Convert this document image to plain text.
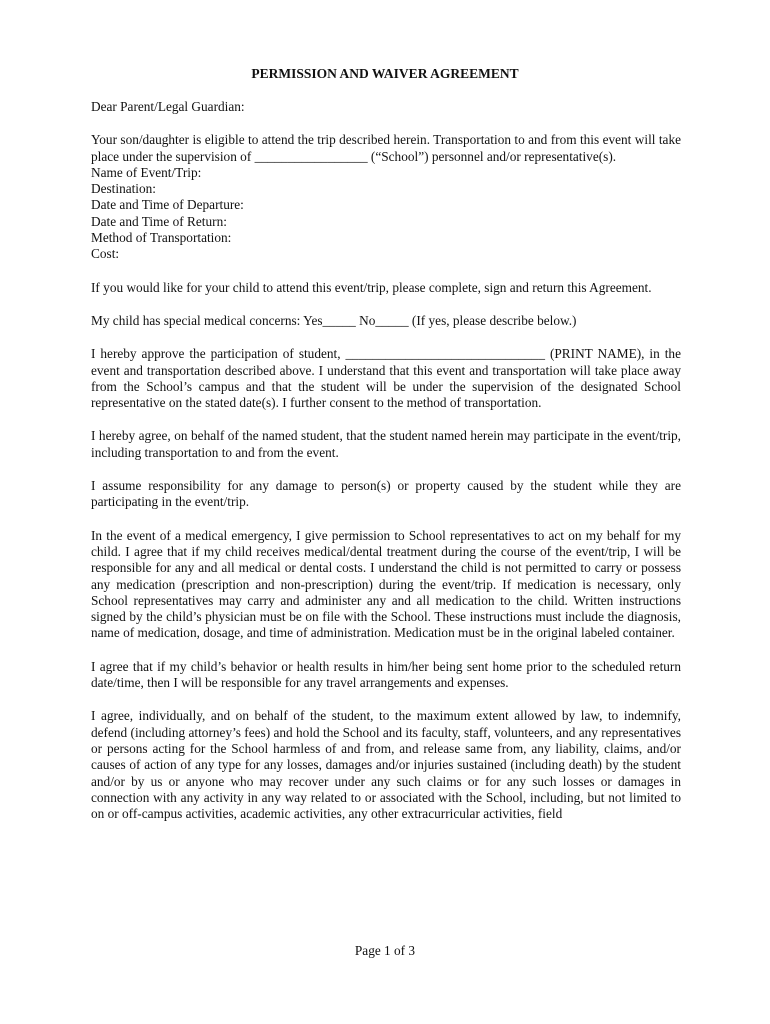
PERMISSION AND WAIVER AGREEMENT

Dear Parent/Legal Guardian:

Your son/daughter is eligible to attend the trip described herein. Transportation to and from this event will take place under the supervision of _________________ (“School”) personnel and/or representative(s).

Name of Event/Trip:

Destination:

Date and Time of Departure:

Date and Time of Return:

Method of Transportation:

Cost:

If you would like for your child to attend this event/trip, please complete, sign and return this Agreement.

My child has special medical concerns: Yes_____ No_____ (If yes, please describe below.)

I hereby approve the participation of student, ______________________________ (PRINT NAME), in the event and transportation described above. I understand that this event and transportation will take place away from the School’s campus and that the student will be under the supervision of the designated School representative on the stated date(s). I further consent to the method of transportation.

I hereby agree, on behalf of the named student, that the student named herein may participate in the event/trip, including transportation to and from the event.

I assume responsibility for any damage to person(s) or property caused by the student while they are participating in the event/trip.

In the event of a medical emergency, I give permission to School representatives to act on my behalf for my child. I agree that if my child receives medical/dental treatment during the course of the event/trip, I will be responsible for any and all medical or dental costs. I understand the child is not permitted to carry or possess any medication (prescription and non-prescription) during the event/trip. If medication is necessary, only School representatives may carry and administer any and all medication to the child. Written instructions signed by the child’s physician must be on file with the School. These instructions must include the diagnosis, name of medication, dosage, and time of administration. Medication must be in the original labeled container.

I agree that if my child’s behavior or health results in him/her being sent home prior to the scheduled return date/time, then I will be responsible for any travel arrangements and expenses.

I agree, individually, and on behalf of the student, to the maximum extent allowed by law, to indemnify, defend (including attorney’s fees) and hold the School and its faculty, staff, volunteers, and any representatives or persons acting for the School harmless of and from, and release same from, any liability, claims, and/or causes of action of any type for any losses, damages and/or injuries sustained (including death) by the student and/or by us or anyone who may recover under any such claims or for any such losses or damages in connection with any activity in any way related to or associated with the School, including, but not limited to on or off-campus activities, academic activities, any other extracurricular activities, field

Page 1 of 3
